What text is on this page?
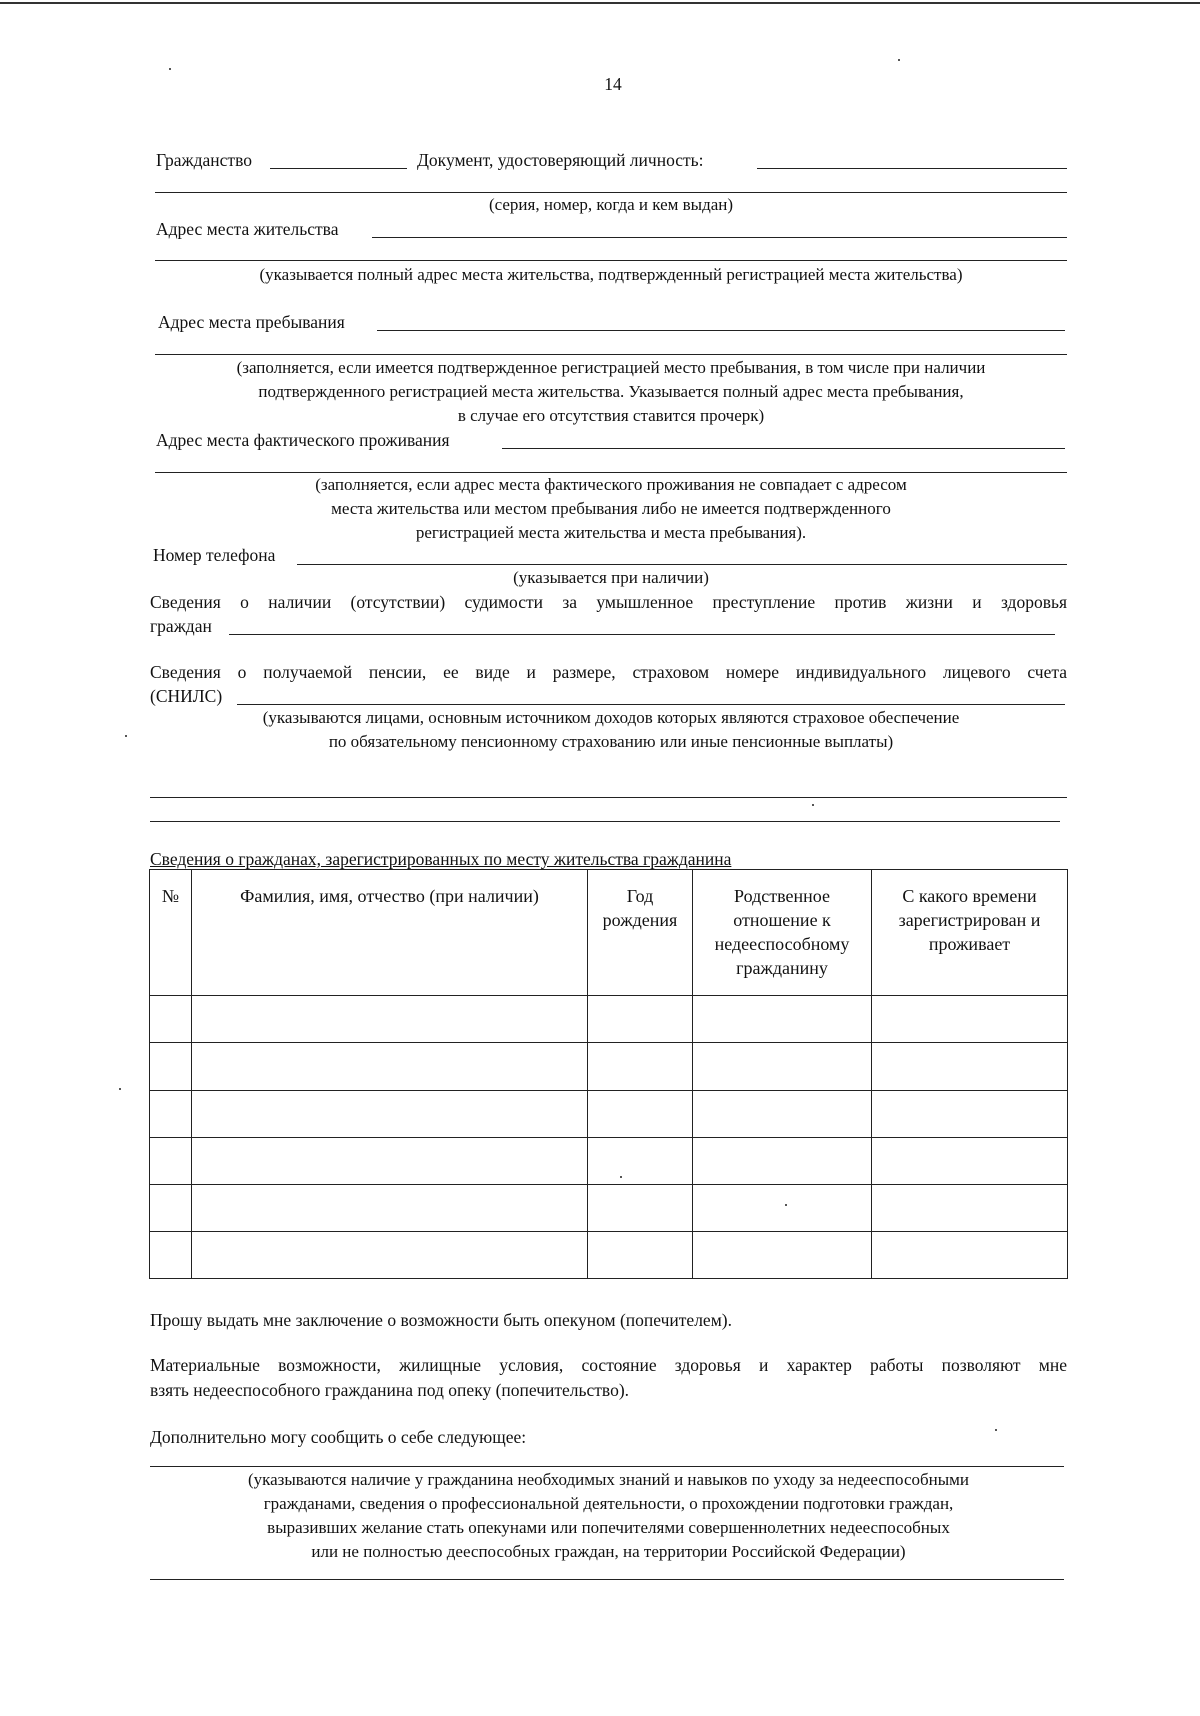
14
Гражданство	Документ, удостоверяющий личность:
(серия, номер, когда и кем выдан)
Адрес места жительства
(указывается полный адрес места жительства, подтвержденный регистрацией места жительства)
Адрес места пребывания
(заполняется, если имеется подтвержденное регистрацией место пребывания, в том числе при наличии
подтвержденного регистрацией места жительства. Указывается полный адрес места пребывания,
в случае его отсутствия ставится прочерк)
Адрес места фактического проживания
(заполняется, если адрес места фактического проживания не совпадает с адресом
места жительства или местом пребывания либо не имеется подтвержденного
регистрацией места жительства и места пребывания).
Номер телефона
(указывается при наличии)
Сведения о наличии (отсутствии) судимости за умышленное преступление против жизни и здоровья
граждан
Сведения о получаемой пенсии, ее виде и размере, страховом номере индивидуального лицевого счета
(СНИЛС)
(указываются лицами, основным источником доходов которых являются страховое обеспечение
по обязательному пенсионному страхованию или иные пенсионные выплаты)
Сведения о гражданах, зарегистрированных по месту жительства гражданина
№	Фамилия, имя, отчество (при наличии)	Год рождения	Родственное отношение к недееспособному гражданину	С какого времени зарегистрирован и проживает

Прошу выдать мне заключение о возможности быть опекуном (попечителем).
Материальные возможности, жилищные условия, состояние здоровья и характер работы позволяют мне
взять недееспособного гражданина под опеку (попечительство).
Дополнительно могу сообщить о себе следующее:
(указываются наличие у гражданина необходимых знаний и навыков по уходу за недееспособными
гражданами, сведения о профессиональной деятельности, о прохождении подготовки граждан,
выразивших желание стать опекунами или попечителями совершеннолетних недееспособных
или не полностью дееспособных граждан, на территории Российской Федерации)
